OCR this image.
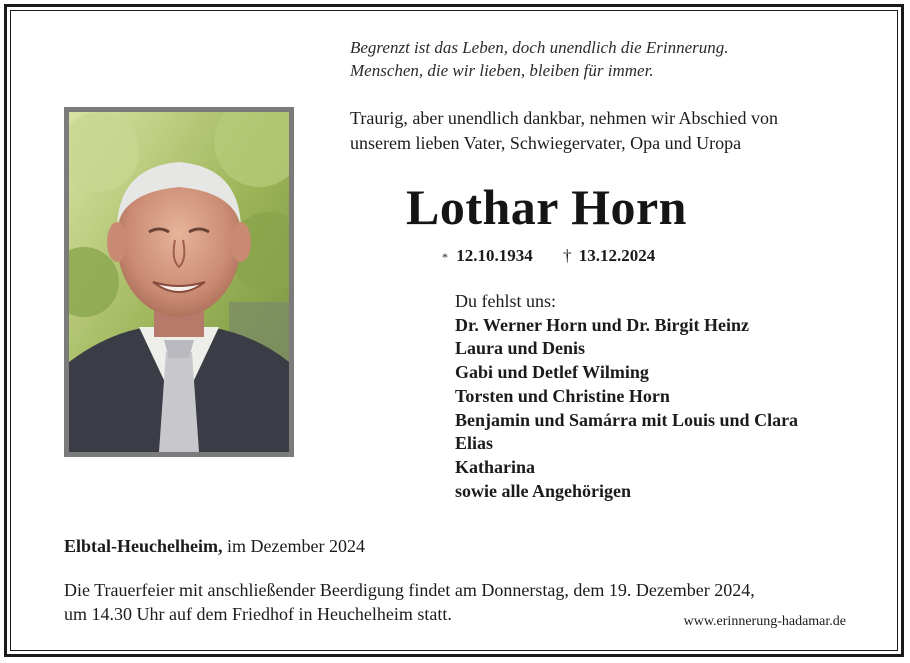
Begrenzt ist das Leben, doch unendlich die Erinnerung.
Menschen, die wir lieben, bleiben für immer.
Traurig, aber unendlich dankbar, nehmen wir Abschied von
unserem lieben Vater, Schwiegervater, Opa und Uropa
Lothar Horn
* 12.10.1934 † 13.12.2024
Du fehlst uns:
Dr. Werner Horn und Dr. Birgit Heinz
Laura und Denis
Gabi und Detlef Wilming
Torsten und Christine Horn
Benjamin und Samárra mit Louis und Clara
Elias
Katharina
sowie alle Angehörigen
Elbtal-Heuchelheim, im Dezember 2024
Die Trauerfeier mit anschließender Beerdigung findet am Donnerstag, dem 19. Dezember 2024,
um 14.30 Uhr auf dem Friedhof in Heuchelheim statt.	www.erinnerung-hadamar.de
